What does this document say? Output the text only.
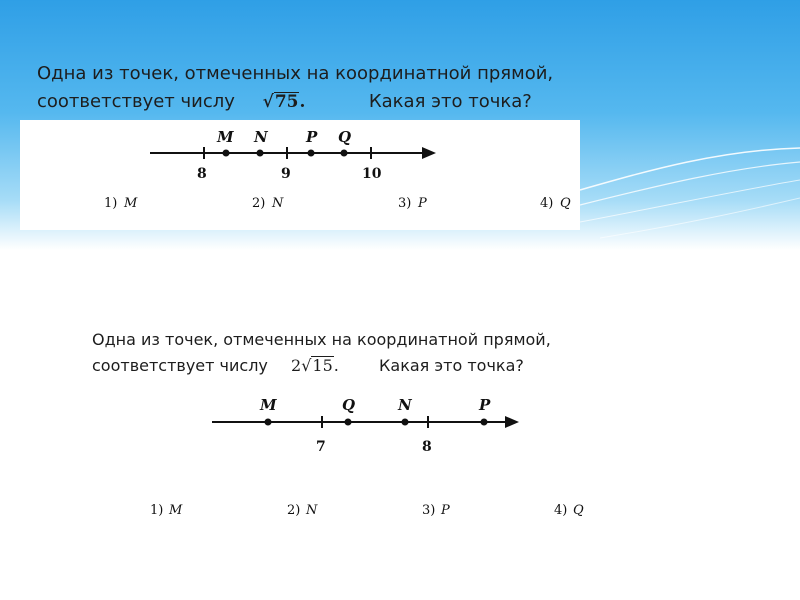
Одна из точек, отмеченных на координатной прямой,
соответствует числу √75.	Какая это точка?
8	9	10
M N	P Q
1) M	2) N	3) P	4) Q
7	8
M	Q	N	P
1) M	2) N	3) P	4) Q
Одна из точек, отмеченных на координатной прямой,
соответствует числу 2√15.	Какая это точка?
